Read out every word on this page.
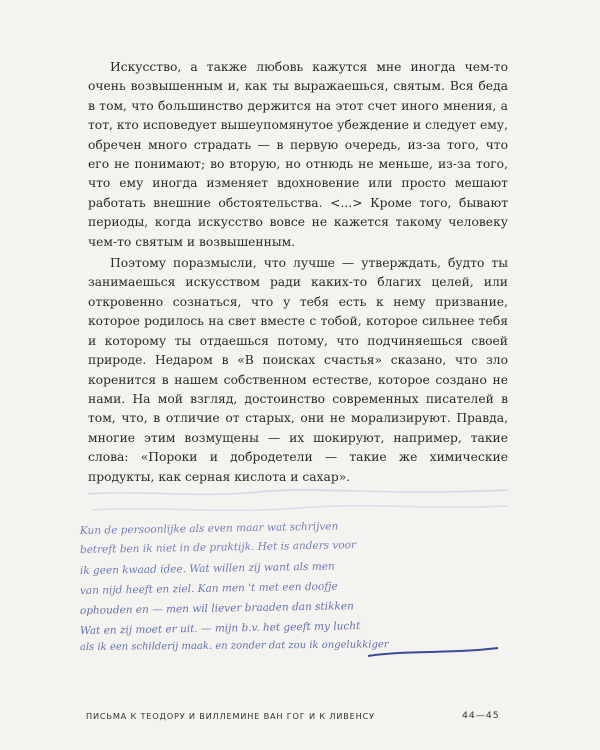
Искусство, а также любовь кажутся мне иногда чем-то очень возвышенным и, как ты выражаешься, святым. Вся беда в том, что большинство держится на этот счет иного мнения, а тот, кто исповедует вышеупомянутое убеждение и следует ему, обречен много страдать — в первую очередь, из-за того, что его не понимают; во вторую, но отнюдь не меньше, из-за того, что ему иногда изменяет вдохновение или просто мешают работать внешние обстоятельства. <...> Кроме того, бывают периоды, когда искусство вовсе не кажется такому человеку чем-то святым и возвышенным.

Поэтому поразмысли, что лучше — утверждать, будто ты занимаешься искусством ради каких-то благих целей, или откровенно сознаться, что у тебя есть к нему призвание, которое родилось на свет вместе с тобой, которое сильнее тебя и которому ты отдаешься потому, что подчиняешься своей природе. Недаром в «В поисках счастья» сказано, что зло коренится в нашем собственном естестве, которое создано не нами. На мой взгляд, достоинство современных писателей в том, что, в отличие от старых, они не морализируют. Правда, многие этим возмущены — их шокируют, например, такие слова: «Пороки и добродетели — такие же химические продукты, как серная кислота и сахар».

Kun de persoonlijke als even maar wat schrijven
betreft ben ik niet in de praktijk. Het is anders voor
ik geen kwaad idee. Wat willen zij want als men
van nijd heeft en ziel. Kan men 't met een doofje
ophouden en — men wil liever braaden dan stikken
Wat en zij moet er uit. — mijn b.v. het geeft my lucht
als ik een schilderij maak. en zonder dat zou ik ongelukkiger
ПИСЬМА К ТЕОДОРУ И ВИЛЛЕМИНЕ ВАН ГОГ И К ЛИВЕНСУ	44—45
